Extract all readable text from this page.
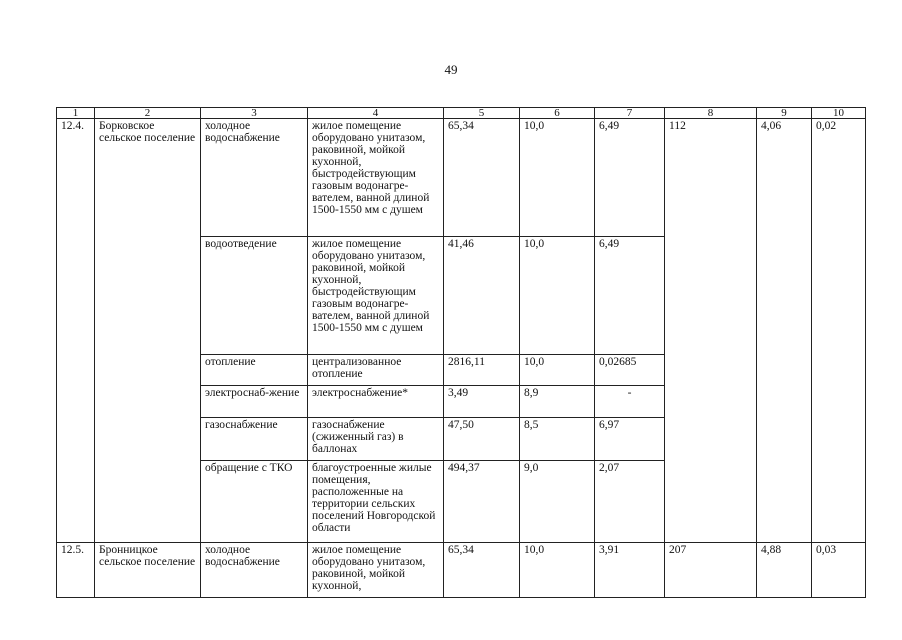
49
1	2	3	4	5	6	7	8	9	10
12.4.	Борковское сельское поселение	холодное водоснабжение	жилое помещение оборудовано унитазом, раковиной, мойкой кухонной, быстродействующим газовым водонагре-вателем, ванной длиной 1500-1550 мм с душем	65,34	10,0	6,49	112	4,06	0,02
		водоотведение	жилое помещение оборудовано унитазом, раковиной, мойкой кухонной, быстродействующим газовым водонагре-вателем, ванной длиной 1500-1550 мм с душем	41,46	10,0	6,49			
		отопление	централизованное отопление	2816,11	10,0	0,02685			
		электроснаб-жение	электроснабжение*	3,49	8,9	-			
		газоснабжение	газоснабжение (сжиженный газ) в баллонах	47,50	8,5	6,97			
		обращение с ТКО	благоустроенные жилые помещения, расположенные на территории сельских поселений Новгородской области	494,37	9,0	2,07			
12.5.	Бронницкое сельское поселение	холодное водоснабжение	жилое помещение оборудовано унитазом, раковиной, мойкой кухонной,	65,34	10,0	3,91	207	4,88	0,03
